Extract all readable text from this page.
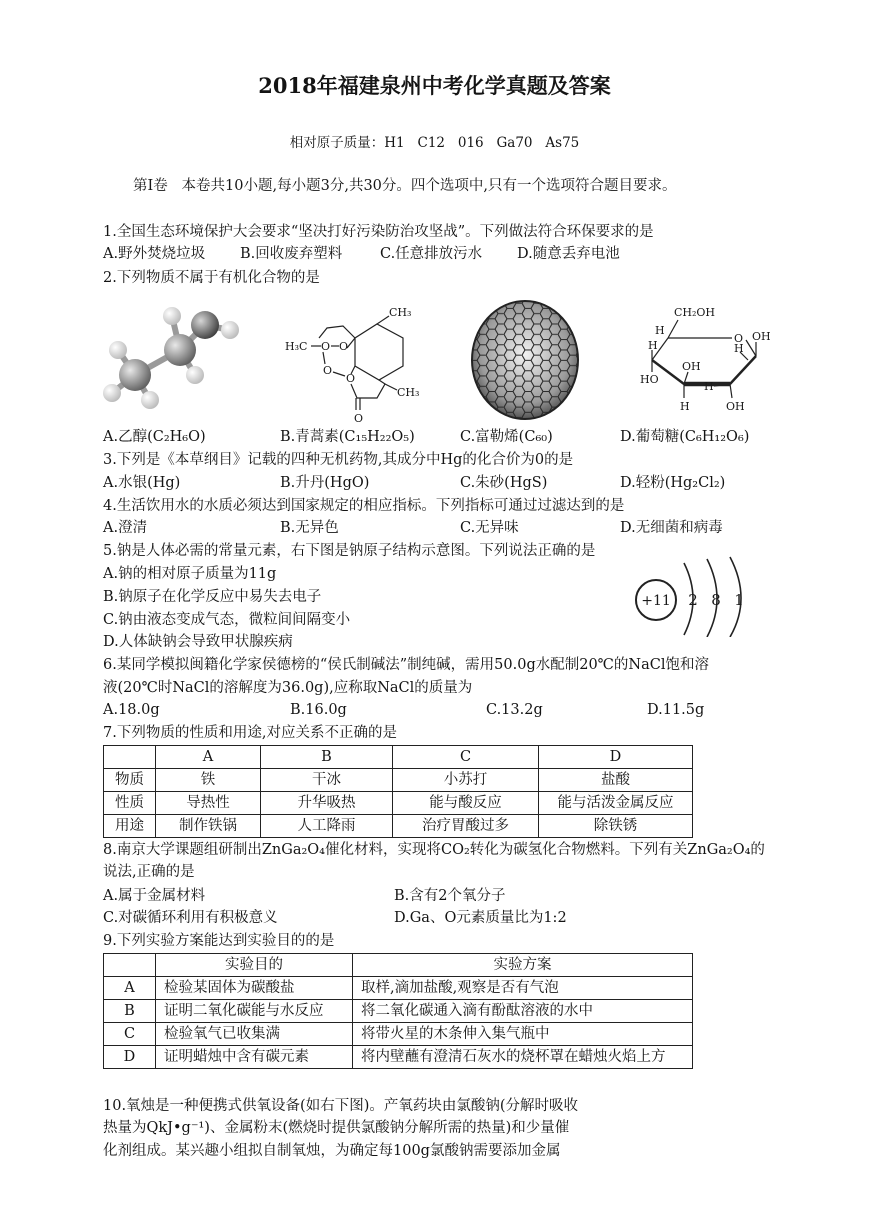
2018年福建泉州中考化学真题及答案
相对原子质量：H1   C12   016   Ga70   As75
第Ⅰ卷   本卷共10小题,每小题3分,共30分。四个选项中,只有一个选项符合题目要求。
1.全国生态环境保护大会要求“坚决打好污染防治攻坚战”。下列做法符合环保要求的是
A.野外焚烧垃圾 B.回收废弃塑料	C.任意排放污水 D.随意丢弃电池
2.下列物质不属于有机化合物的是
CH₃
H₃C O O
O
O
O
CH₃
CH₂OH
O
H
H
HO
OH
H
OH
H
H
OH
A.乙醇(C₂H₆O)	B.青蒿素(C₁₅H₂₂O₅)	C.富勒烯(C₆₀)	D.葡萄糖(C₆H₁₂O₆)
3.下列是《本草纲目》记载的四种无机药物,其成分中Hg的化合价为0的是
A.水银(Hg)	B.升丹(HgO)	C.朱砂(HgS)	D.轻粉(Hg₂Cl₂)
4.生活饮用水的水质必须达到国家规定的相应指标。下列指标可通过过滤达到的是
A.澄清	B.无异色	C.无异味	D.无细菌和病毒
5.钠是人体必需的常量元素，右下图是钠原子结构示意图。下列说法正确的是
A.钠的相对原子质量为11g
B.钠原子在化学反应中易失去电子
C.钠由液态变成气态，微粒间间隔变小
D.人体缺钠会导致甲状腺疾病
+11 2 8 1
6.某同学模拟闽籍化学家侯德榜的“侯氏制碱法”制纯碱，需用50.0g水配制20℃的NaCl饱和溶
液(20℃时NaCl的溶解度为36.0g),应称取NaCl的质量为
A.18.0g	B.16.0g	C.13.2g	D.11.5g
7.下列物质的性质和用途,对应关系不正确的是
	A	B	C	D
物质	铁	干冰	小苏打	盐酸
性质	导热性	升华吸热	能与酸反应	能与活泼金属反应
用途	制作铁锅	人工降雨	治疗胃酸过多	除铁锈
8.南京大学课题组研制出ZnGa₂O₄催化材料，实现将CO₂转化为碳氢化合物燃料。下列有关ZnGa₂O₄的
说法,正确的是
A.属于金属材料	B.含有2个氧分子
C.对碳循环利用有积极意义	D.Ga、O元素质量比为1:2
9.下列实验方案能达到实验目的的是
	实验目的	实验方案
A	检验某固体为碳酸盐	取样,滴加盐酸,观察是否有气泡
B	证明二氧化碳能与水反应	将二氧化碳通入滴有酚酞溶液的水中
C	检验氧气已收集满	将带火星的木条伸入集气瓶中
D	证明蜡烛中含有碳元素	将内壁蘸有澄清石灰水的烧杯罩在蜡烛火焰上方
10.氧烛是一种便携式供氧设备(如右下图)。产氧药块由氯酸钠(分解时吸收
热量为QkJ•g⁻¹)、金属粉末(燃烧时提供氯酸钠分解所需的热量)和少量催
化剂组成。某兴趣小组拟自制氧烛，为确定每100g氯酸钠需要添加金属
